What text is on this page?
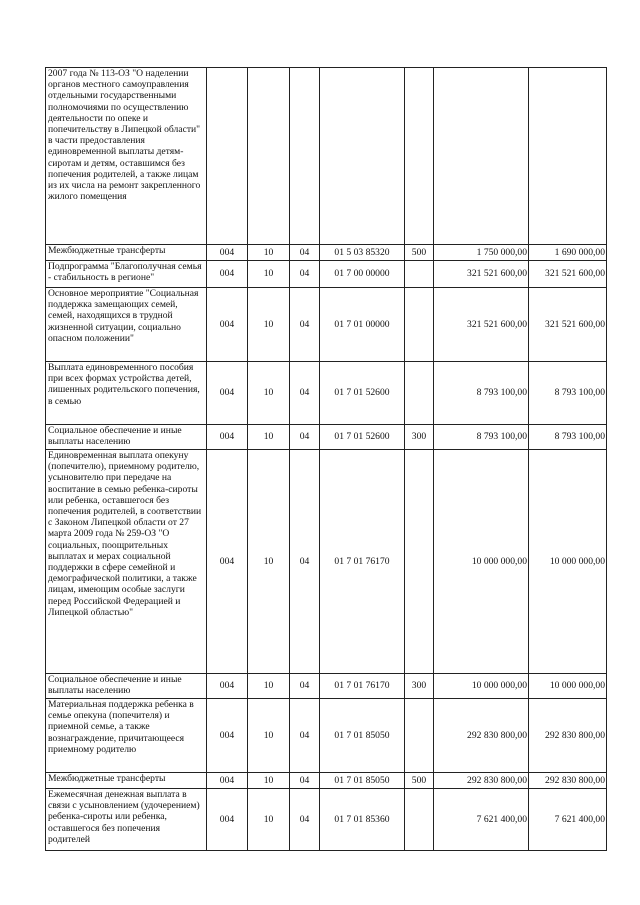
2007 года № 113-ОЗ "О наделении органов местного самоуправления отдельными государственными полномочиями по осуществлению деятельности по опеке и попечительству в Липецкой области" в части предоставления единовременной выплаты детям-сиротам и детям, оставшимся без попечения родителей, а также лицам из их числа на ремонт закрепленного жилого помещения							
Межбюджетные трансферты	004	10	04	01 5 03 85320	500	1 750 000,00	1 690 000,00
Подпрограмма "Благополучная семья - стабильность в регионе"	004	10	04	01 7 00 00000		321 521 600,00	321 521 600,00
Основное мероприятие "Социальная поддержка замещающих семей, семей, находящихся в трудной жизненной ситуации, социально опасном положении"	004	10	04	01 7 01 00000		321 521 600,00	321 521 600,00
Выплата единовременного пособия при всех формах устройства детей, лишенных родительского попечения, в семью	004	10	04	01 7 01 52600		8 793 100,00	8 793 100,00
Социальное обеспечение и иные выплаты населению	004	10	04	01 7 01 52600	300	8 793 100,00	8 793 100,00
Единовременная выплата опекуну (попечителю), приемному родителю, усыновителю при передаче на воспитание в семью ребенка-сироты или ребенка, оставшегося без попечения родителей, в соответствии с Законом Липецкой области от 27 марта 2009 года № 259-ОЗ "О социальных, поощрительных выплатах и мерах социальной поддержки в сфере семейной и демографической политики, а также лицам, имеющим особые заслуги перед Российской Федерацией и Липецкой областью"	004	10	04	01 7 01 76170		10 000 000,00	10 000 000,00
Социальное обеспечение и иные выплаты населению	004	10	04	01 7 01 76170	300	10 000 000,00	10 000 000,00
Материальная поддержка ребенка в семье опекуна (попечителя) и приемной семье, а также вознаграждение, причитающееся приемному родителю	004	10	04	01 7 01 85050		292 830 800,00	292 830 800,00
Межбюджетные трансферты	004	10	04	01 7 01 85050	500	292 830 800,00	292 830 800,00
Ежемесячная денежная выплата в связи с усыновлением (удочерением) ребенка-сироты или ребенка, оставшегося без попечения родителей	004	10	04	01 7 01 85360		7 621 400,00	7 621 400,00
